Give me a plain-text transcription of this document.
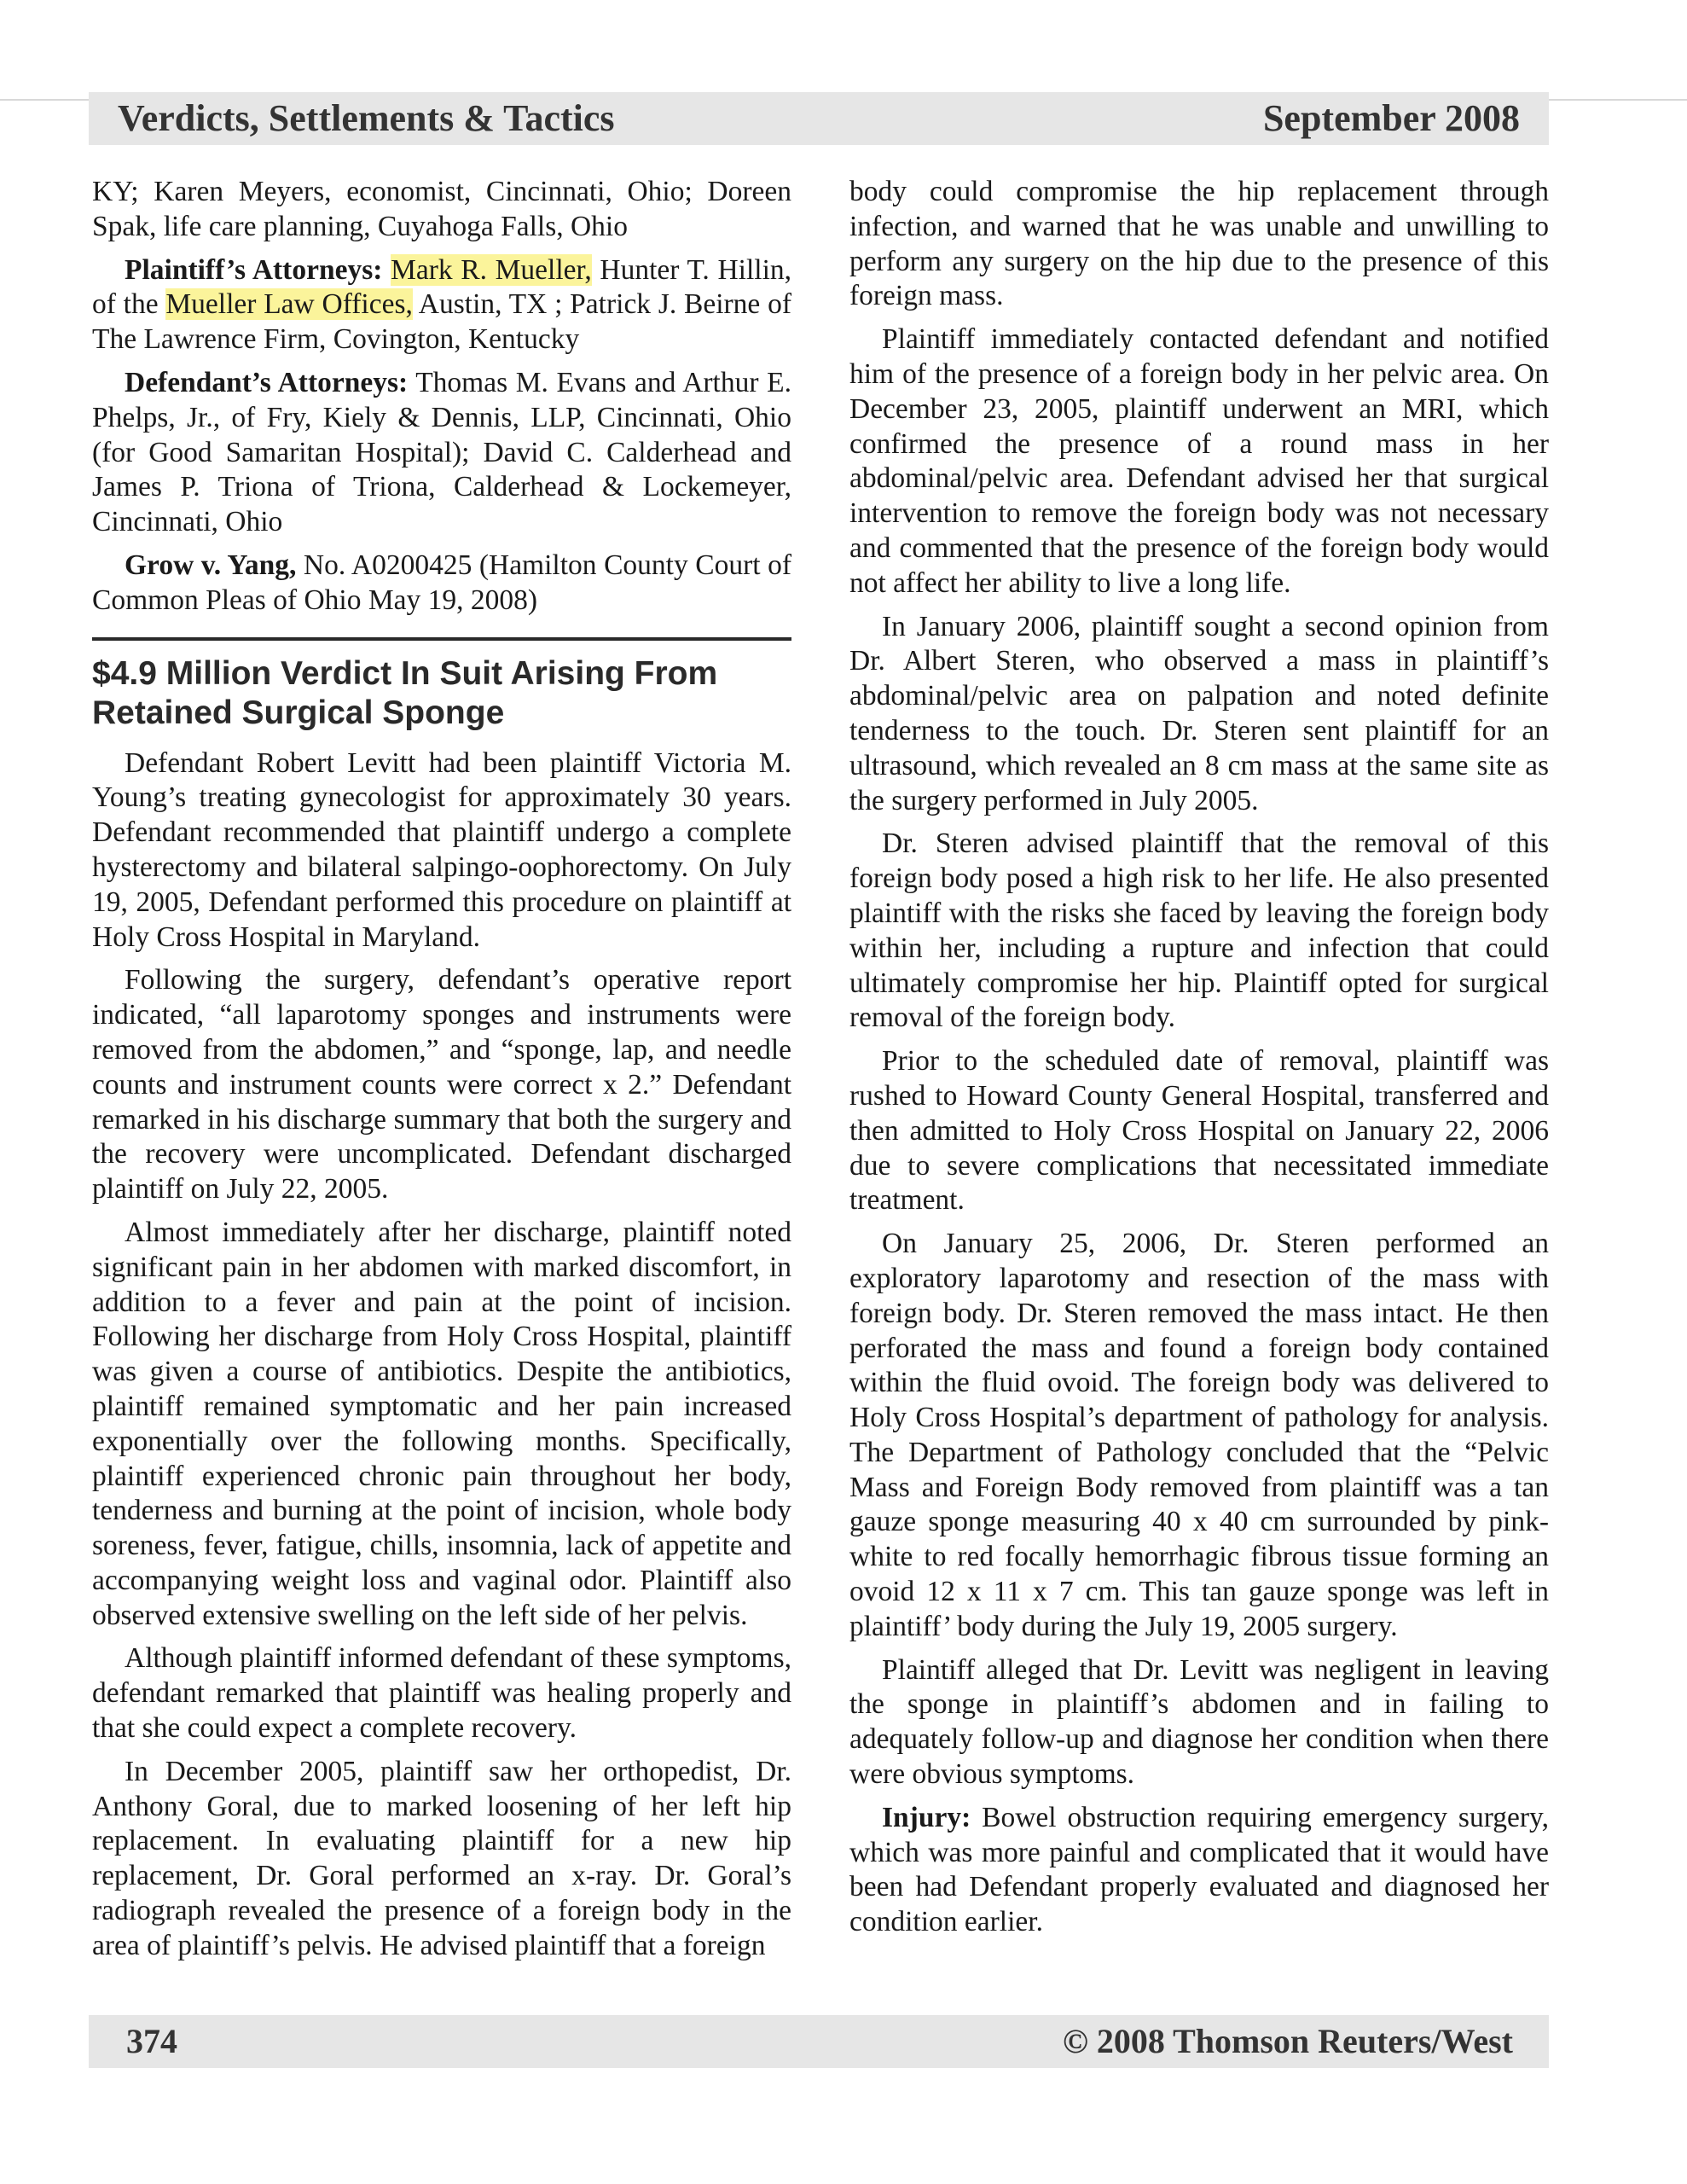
Verdicts, Settlements & Tactics	September 2008

KY; Karen Meyers, economist, Cincinnati, Ohio; Doreen Spak, life care planning, Cuyahoga Falls, Ohio

Plaintiff’s Attorneys: Mark R. Mueller, Hunter T. Hillin, of the Mueller Law Offices, Austin, TX ; Patrick J. Beirne of The Lawrence Firm, Covington, Kentucky

Defendant’s Attorneys: Thomas M. Evans and Arthur E. Phelps, Jr., of Fry, Kiely & Dennis, LLP, Cincinnati, Ohio (for Good Samaritan Hospital); David C. Calderhead and James P. Triona of Triona, Calderhead & Lockemeyer, Cincinnati, Ohio

Grow v. Yang, No. A0200425 (Hamilton County Court of Common Pleas of Ohio May 19, 2008)

$4.9 Million Verdict In Suit Arising From Retained Surgical Sponge

Defendant Robert Levitt had been plaintiff Victoria M. Young’s treating gynecologist for approximately 30 years. Defendant recommended that plaintiff undergo a complete hysterectomy and bilateral salpingo-oophorectomy. On July 19, 2005, Defendant performed this procedure on plaintiff at Holy Cross Hospital in Maryland.

Following the surgery, defendant’s operative report indicated, “all laparotomy sponges and instruments were removed from the abdomen,” and “sponge, lap, and needle counts and instrument counts were correct x 2.” Defendant remarked in his discharge summary that both the surgery and the recovery were uncomplicated. Defendant discharged plaintiff on July 22, 2005.

Almost immediately after her discharge, plaintiff noted significant pain in her abdomen with marked discomfort, in addition to a fever and pain at the point of incision. Following her discharge from Holy Cross Hospital, plaintiff was given a course of antibiotics. Despite the antibiotics, plaintiff remained symptomatic and her pain increased exponentially over the following months. Specifically, plaintiff experienced chronic pain throughout her body, tenderness and burning at the point of incision, whole body soreness, fever, fatigue, chills, insomnia, lack of appetite and accompanying weight loss and vaginal odor. Plaintiff also observed extensive swelling on the left side of her pelvis.

Although plaintiff informed defendant of these symptoms, defendant remarked that plaintiff was healing properly and that she could expect a complete recovery.

In December 2005, plaintiff saw her orthopedist, Dr. Anthony Goral, due to marked loosening of her left hip replacement. In evaluating plaintiff for a new hip replacement, Dr. Goral performed an x-ray. Dr. Goral’s radiograph revealed the presence of a foreign body in the area of plaintiff’s pelvis. He advised plaintiff that a foreign

body could compromise the hip replacement through infection, and warned that he was unable and unwilling to perform any surgery on the hip due to the presence of this foreign mass.

Plaintiff immediately contacted defendant and notified him of the presence of a foreign body in her pelvic area. On December 23, 2005, plaintiff underwent an MRI, which confirmed the presence of a round mass in her abdominal/pelvic area. Defendant advised her that surgical intervention to remove the foreign body was not necessary and commented that the presence of the foreign body would not affect her ability to live a long life.

In January 2006, plaintiff sought a second opinion from Dr. Albert Steren, who observed a mass in plaintiff’s abdominal/pelvic area on palpation and noted definite tenderness to the touch. Dr. Steren sent plaintiff for an ultrasound, which revealed an 8 cm mass at the same site as the surgery performed in July 2005.

Dr. Steren advised plaintiff that the removal of this foreign body posed a high risk to her life. He also presented plaintiff with the risks she faced by leaving the foreign body within her, including a rupture and infection that could ultimately compromise her hip. Plaintiff opted for surgical removal of the foreign body.

Prior to the scheduled date of removal, plaintiff was rushed to Howard County General Hospital, transferred and then admitted to Holy Cross Hospital on January 22, 2006 due to severe complications that necessitated immediate treatment.

On January 25, 2006, Dr. Steren performed an exploratory laparotomy and resection of the mass with foreign body. Dr. Steren removed the mass intact. He then perforated the mass and found a foreign body contained within the fluid ovoid. The foreign body was delivered to Holy Cross Hospital’s department of pathology for analysis. The Department of Pathology concluded that the “Pelvic Mass and Foreign Body removed from plaintiff was a tan gauze sponge measuring 40 x 40 cm surrounded by pink-white to red focally hemorrhagic fibrous tissue forming an ovoid 12 x 11 x 7 cm. This tan gauze sponge was left in plaintiff’ body during the July 19, 2005 surgery.

Plaintiff alleged that Dr. Levitt was negligent in leaving the sponge in plaintiff’s abdomen and in failing to adequately follow-up and diagnose her condition when there were obvious symptoms.

Injury: Bowel obstruction requiring emergency surgery, which was more painful and complicated that it would have been had Defendant properly evaluated and diagnosed her condition earlier.

374	© 2008 Thomson Reuters/West
